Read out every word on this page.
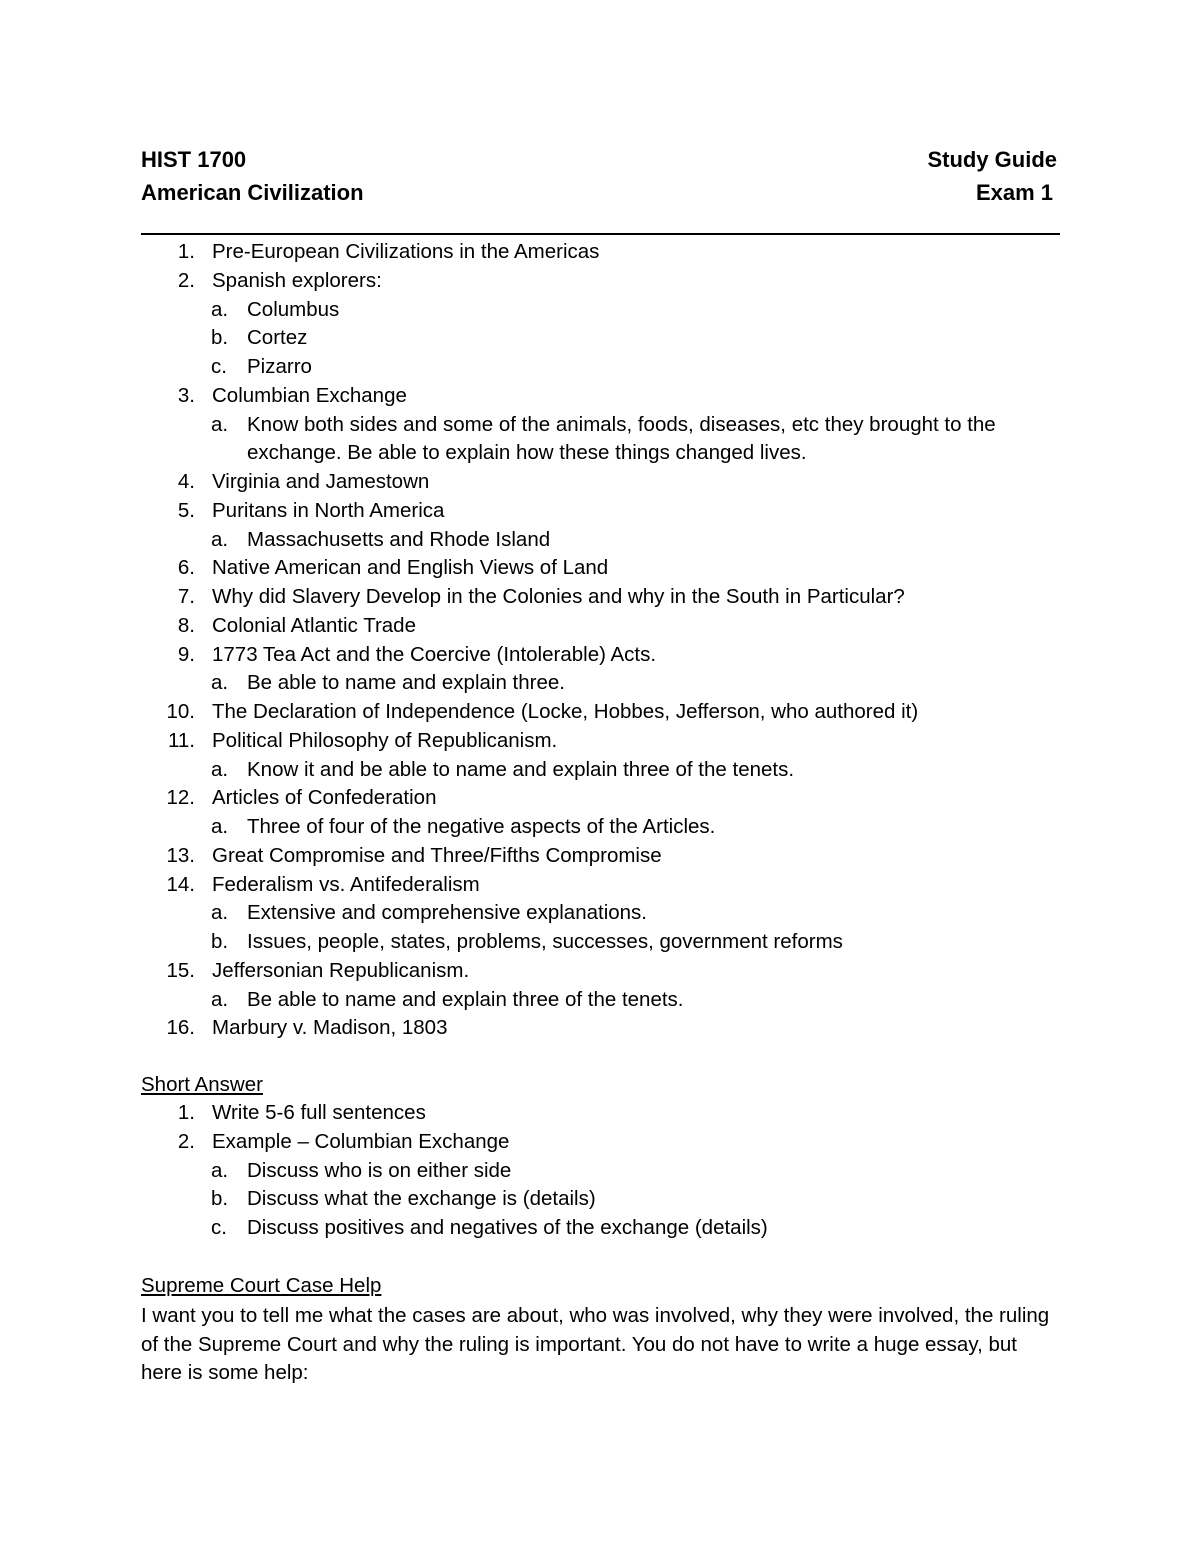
HIST 1700	Study Guide
American Civilization	Exam 1
1. Pre-European Civilizations in the Americas
2. Spanish explorers:
a. Columbus
b. Cortez
c. Pizarro
3. Columbian Exchange
a. Know both sides and some of the animals, foods, diseases, etc they brought to the
exchange. Be able to explain how these things changed lives.
4. Virginia and Jamestown
5. Puritans in North America
a. Massachusetts and Rhode Island
6. Native American and English Views of Land
7. Why did Slavery Develop in the Colonies and why in the South in Particular?
8. Colonial Atlantic Trade
9. 1773 Tea Act and the Coercive (Intolerable) Acts.
a. Be able to name and explain three.
10. The Declaration of Independence (Locke, Hobbes, Jefferson, who authored it)
11. Political Philosophy of Republicanism.
a. Know it and be able to name and explain three of the tenets.
12. Articles of Confederation
a. Three of four of the negative aspects of the Articles.
13. Great Compromise and Three/Fifths Compromise
14. Federalism vs. Antifederalism
a. Extensive and comprehensive explanations.
b. Issues, people, states, problems, successes, government reforms
15. Jeffersonian Republicanism.
a. Be able to name and explain three of the tenets.
16. Marbury v. Madison, 1803
Short Answer
1. Write 5-6 full sentences
2. Example – Columbian Exchange
a. Discuss who is on either side
b. Discuss what the exchange is (details)
c. Discuss positives and negatives of the exchange (details)
Supreme Court Case Help
I want you to tell me what the cases are about, who was involved, why they were involved, the ruling of the Supreme Court and why the ruling is important. You do not have to write a huge essay, but here is some help:
